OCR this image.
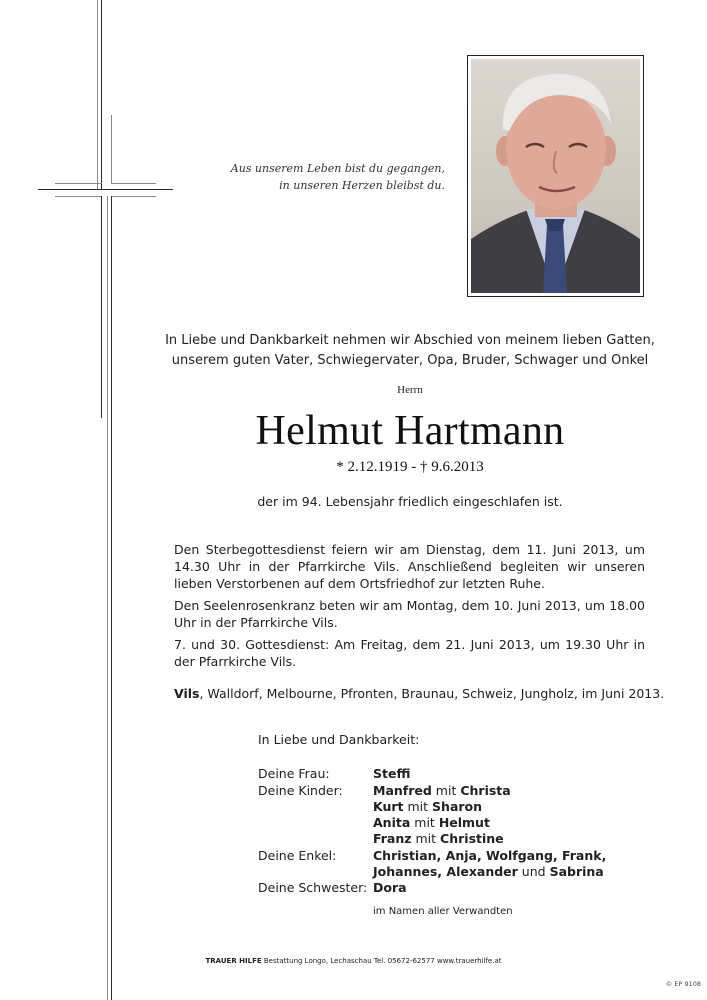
Aus unserem Leben bist du gegangen,
in unseren Herzen bleibst du.
In Liebe und Dankbarkeit nehmen wir Abschied von meinem lieben Gatten,
unserem guten Vater, Schwiegervater, Opa, Bruder, Schwager und Onkel
Herrn
Helmut Hartmann
* 2.12.1919 - † 9.6.2013
der im 94. Lebensjahr friedlich eingeschlafen ist.
Den Sterbegottesdienst feiern wir am Dienstag, dem 11. Juni 2013, um 14.30 Uhr in der Pfarrkirche Vils. Anschließend begleiten wir unseren lieben Verstorbenen auf dem Ortsfriedhof zur letzten Ruhe.
Den Seelenrosenkranz beten wir am Montag, dem 10. Juni 2013, um 18.00 Uhr in der Pfarrkirche Vils.
7. und 30. Gottesdienst: Am Freitag, dem 21. Juni 2013, um 19.30 Uhr in der Pfarrkirche Vils.
Vils, Walldorf, Melbourne, Pfronten, Braunau, Schweiz, Jungholz, im Juni 2013.
In Liebe und Dankbarkeit:
Deine Frau:	Steffi
Deine Kinder: Manfred mit Christa
Kurt mit Sharon
Anita mit Helmut
Franz mit Christine
Deine Enkel:	Christian, Anja, Wolfgang, Frank,
Johannes, Alexander und Sabrina
Deine Schwester: Dora
im Namen aller Verwandten
TRAUER HILFE Bestattung Longo, Lechaschau Tel. 05672-62577 www.trauerhilfe.at
© EP 9108
